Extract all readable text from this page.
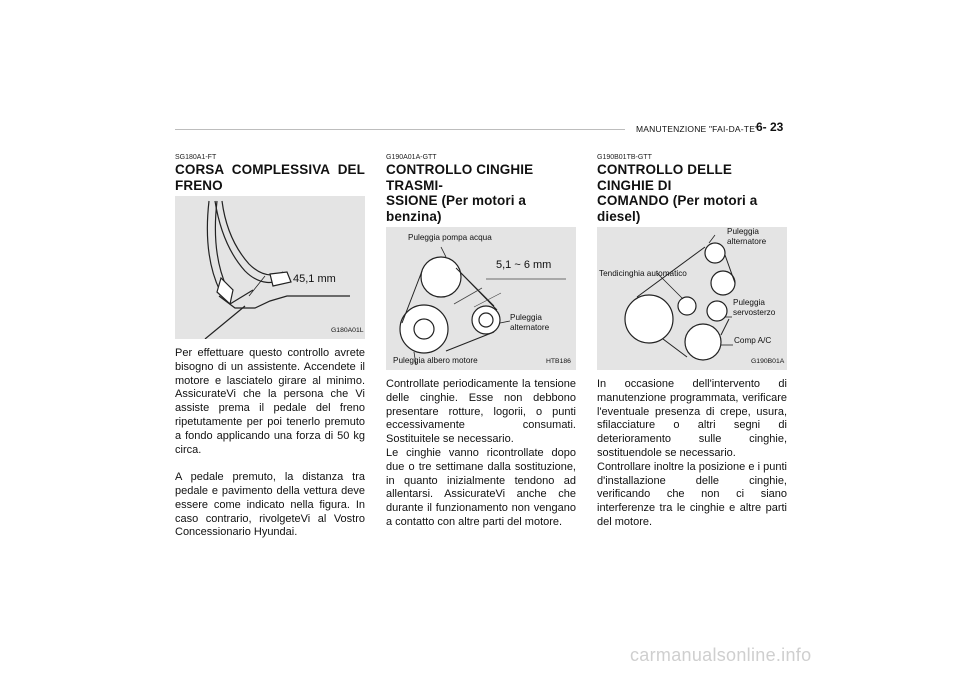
MANUTENZIONE "FAI-DA-TE"
6- 23
SG180A1-FT
CORSA COMPLESSIVA DEL FRENO
45,1 mm
G180A01L

Per effettuare questo controllo avrete bisogno di un assistente. Accendete il motore e lasciatelo girare al minimo. AssicurateVi che la persona che Vi assiste prema il pedale del freno ripetutamente per poi tenerlo premuto a fondo applicando una forza di 50 kg circa.

A pedale premuto, la distanza tra pedale e pavimento della vettura deve essere come indicato nella figura. In caso contrario, rivolgeteVi al Vostro Concessionario Hyundai.

G190A01A-GTT
CONTROLLO CINGHIE TRASMI-
SSIONE (Per motori a benzina)
Puleggia pompa acqua
5,1 ~ 6 mm
Puleggia alternatore
Puleggia albero motore	HTB186

Controllate periodicamente la tensione delle cinghie. Esse non debbono presentare rotture, logorii, o punti eccessivamente consumati. Sostituitele se necessario.

Le cinghie vanno ricontrollate dopo due o tre settimane dalla sostituzione, in quanto inizialmente tendono ad allentarsi. AssicurateVi anche che durante il funzionamento non vengano a contatto con altre parti del motore.

G190B01TB-GTT
CONTROLLO DELLE CINGHIE DI
COMANDO (Per motori a diesel)
Puleggia alternatore
Tendicinghia automatico
Puleggia servosterzo
Comp A/C
G190B01A

In occasione dell'intervento di manutenzione programmata, verificare l'eventuale presenza di crepe, usura, sfilacciature o altri segni di deterioramento sulle cinghie, sostituendole se necessario.

Controllare inoltre la posizione e i punti d'installazione delle cinghie, verificando che non ci siano interferenze tra le cinghie e altre parti del motore.

carmanualsonline.info
